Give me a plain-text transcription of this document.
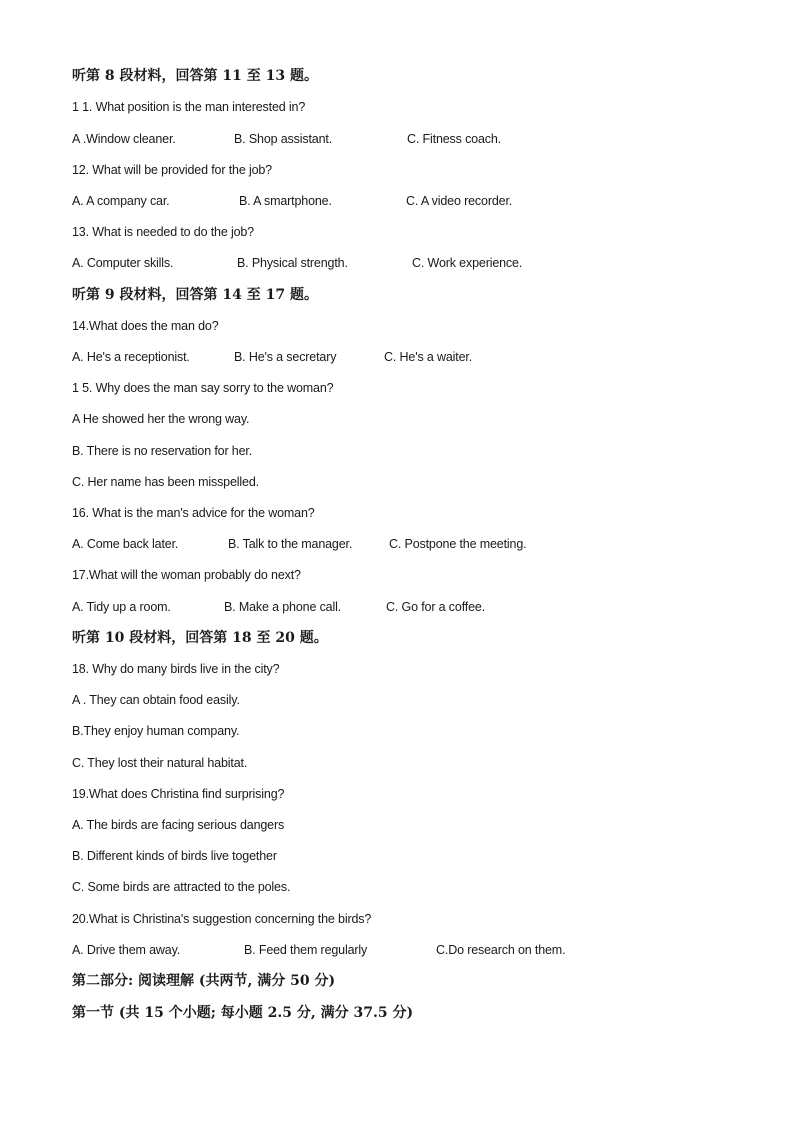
听第 8 段材料，回答第 11 至 13 题。
1 1. What position is the man interested in?
A .Window cleaner.	B. Shop assistant.	C. Fitness coach.
12. What will be provided for the job?
A. A company car.	B. A smartphone.	C. A video recorder.
13. What is needed to do the job?
A. Computer skills.	B. Physical strength.	C. Work experience.
听第 9 段材料，回答第 14 至 17 题。
14.What does the man do?
A. He's a receptionist.	B. He's a secretary	C. He's a waiter.
1 5. Why does the man say sorry to the woman?
A He showed her the wrong way.
B. There is no reservation for her.
C. Her name has been misspelled.
16. What is the man's advice for the woman?
A. Come back later.	B. Talk to the manager.	C. Postpone the meeting.
17.What will the woman probably do next?
A. Tidy up a room.	B. Make a phone call.	C. Go for a coffee.
听第 10 段材料，回答第 18 至 20 题。
18. Why do many birds live in the city?
A . They can obtain food easily.
B.They enjoy human company.
C. They lost their natural habitat.
19.What does Christina find surprising?
A. The birds are facing serious dangers
B. Different kinds of birds live together
C. Some birds are attracted to the poles.
20.What is Christina's suggestion concerning the birds?
A. Drive them away.	B. Feed them regularly	C.Do research on them.
第二部分: 阅读理解 (共两节, 满分 50 分)
第一节 (共 15 个小题; 每小题 2.5 分, 满分 37.5 分)
